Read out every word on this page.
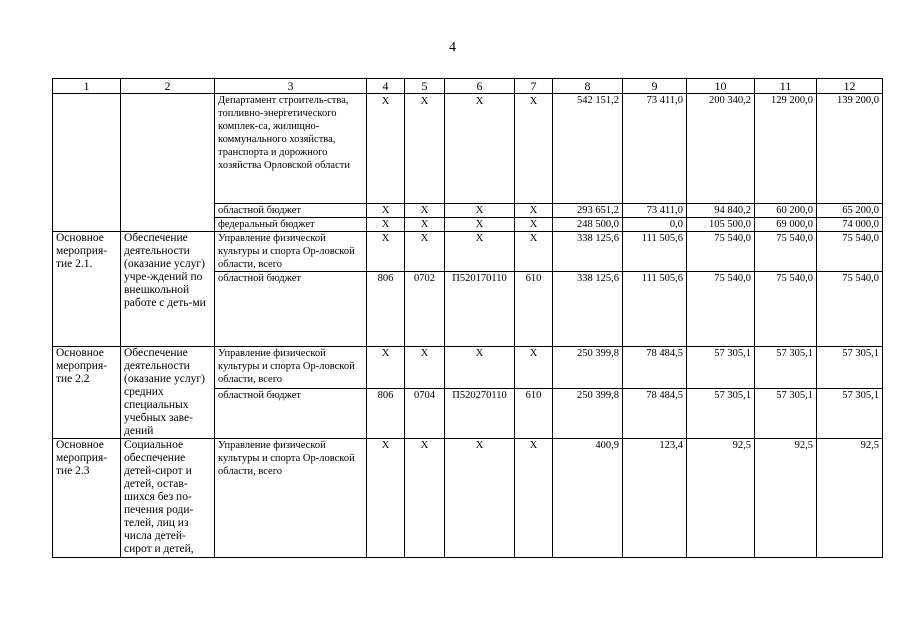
4
1	2	3	4	5	6	7	8	9	10	11	12
		Департамент строитель-ства, топливно-энергетического комплек-са, жилищно-коммунального хозяйства, транспорта и дорожного хозяйства Орловской области	X	X	X	X	542 151,2	73 411,0	200 340,2	129 200,0	139 200,0
		областной бюджет	X	X	X	X	293 651,2	73 411,0	94 840,2	60 200,0	65 200,0
		федеральный бюджет	X	X	X	X	248 500,0	0,0	105 500,0	69 000,0	74 000,0
Основное мероприя-тие 2.1.	Обеспечение деятельности (оказание услуг) учре-ждений по внешкольной работе с деть-ми	Управление физической культуры и спорта Ор-ловской области, всего	X	X	X	X	338 125,6	111 505,6	75 540,0	75 540,0	75 540,0
		областной бюджет	806	0702	П520170110	610	338 125,6	111 505,6	75 540,0	75 540,0	75 540,0
Основное мероприя-тие 2.2	Обеспечение деятельности (оказание услуг) средних специальных учебных заве-дений	Управление физической культуры и спорта Ор-ловской области, всего	X	X	X	X	250 399,8	78 484,5	57 305,1	57 305,1	57 305,1
		областной бюджет	806	0704	П520270110	610	250 399,8	78 484,5	57 305,1	57 305,1	57 305,1
Основное мероприя-тие 2.3	Социальное обеспечение детей-сирот и детей, остав-шихся без по-печения роди-телей, лиц из числа детей-сирот и детей,	Управление физической культуры и спорта Ор-ловской области, всего	X	X	X	X	400,9	123,4	92,5	92,5	92,5
